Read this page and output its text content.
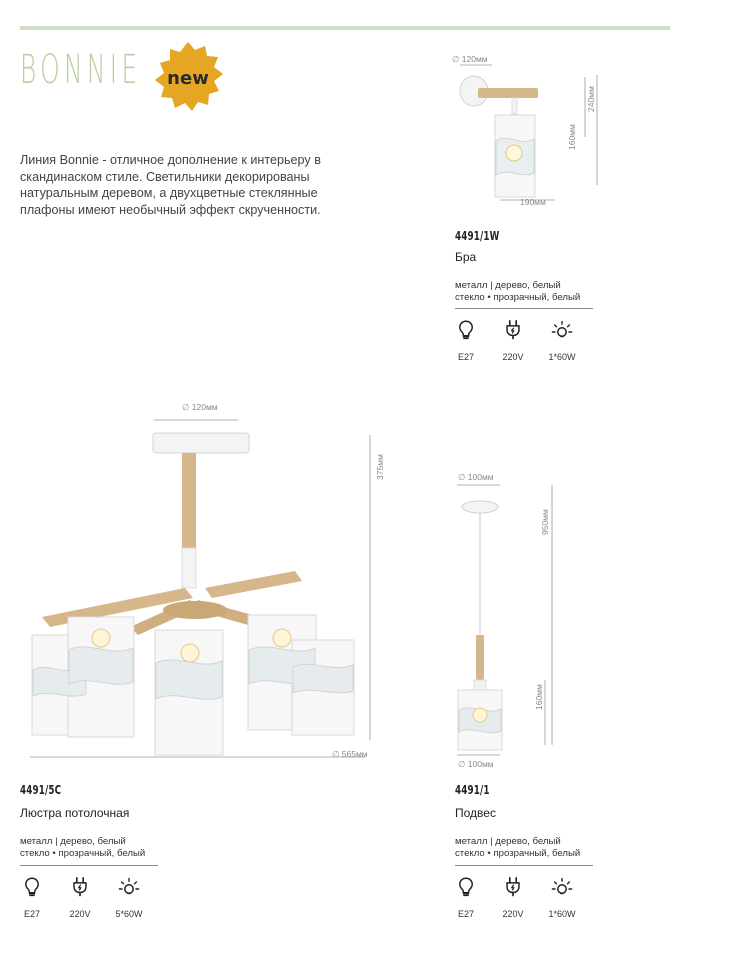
BONNIE new
Линия Bonnie - отличное дополнение к интерьеру в скандинаском стиле. Светильники декорированы натуральным деревом, а двухцветные стеклянные плафоны имеют необычный эффект скрученности.
∅ 120мм
160мм
240мм
190мм
4491/1W
Бра
металл | дерево, белый
стекло • прозрачный, белый
E27	220V	1*60W
∅ 120мм
375мм
∅ 565мм
4491/5C
Люстра потолочная
металл | дерево, белый
стекло • прозрачный, белый
E27	220V	5*60W
∅ 100мм
950мм
160мм
∅ 100мм
4491/1
Подвес
металл | дерево, белый
стекло • прозрачный, белый
E27	220V	1*60W
